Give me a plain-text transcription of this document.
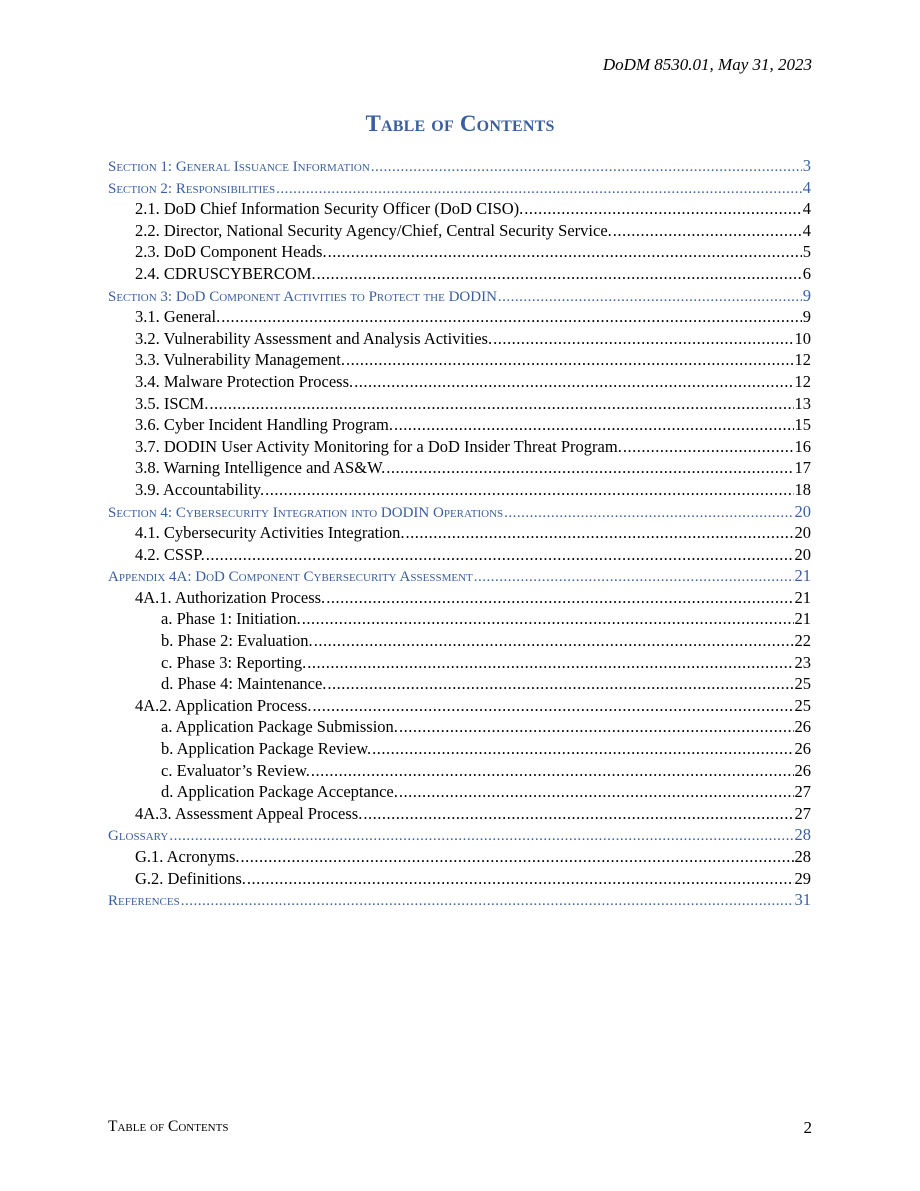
DoDM 8530.01, May 31, 2023
Table of Contents
Section 1: General Issuance Information .....	3
Section 2: Responsibilities .....	4
2.1. DoD Chief Information Security Officer (DoD CISO). .....	4
2.2. Director, National Security Agency/Chief, Central Security Service. .....	4
2.3. DoD Component Heads. .....	5
2.4. CDRUSCYBERCOM. .....	6
Section 3: DoD Component Activities to Protect the DODIN .....	9
3.1. General. .....	9
3.2. Vulnerability Assessment and Analysis Activities. .....	10
3.3. Vulnerability Management. .....	12
3.4. Malware Protection Process. .....	12
3.5. ISCM. .....	13
3.6. Cyber Incident Handling Program. .....	15
3.7. DODIN User Activity Monitoring for a DoD Insider Threat Program. .....	16
3.8. Warning Intelligence and AS&W. .....	17
3.9. Accountability. .....	18
Section 4: Cybersecurity Integration into DODIN Operations .....	20
4.1. Cybersecurity Activities Integration. .....	20
4.2. CSSP. .....	20
Appendix 4A: DoD Component Cybersecurity Assessment .....	21
4A.1. Authorization Process. .....	21
a. Phase 1: Initiation. .....	21
b. Phase 2: Evaluation. .....	22
c. Phase 3: Reporting. .....	23
d. Phase 4: Maintenance. .....	25
4A.2. Application Process. .....	25
a. Application Package Submission. .....	26
b. Application Package Review. .....	26
c. Evaluator’s Review. .....	26
d. Application Package Acceptance. .....	27
4A.3. Assessment Appeal Process. .....	27
Glossary .....	28
G.1. Acronyms. .....	28
G.2. Definitions. .....	29
References .....	31
Table of Contents	2
